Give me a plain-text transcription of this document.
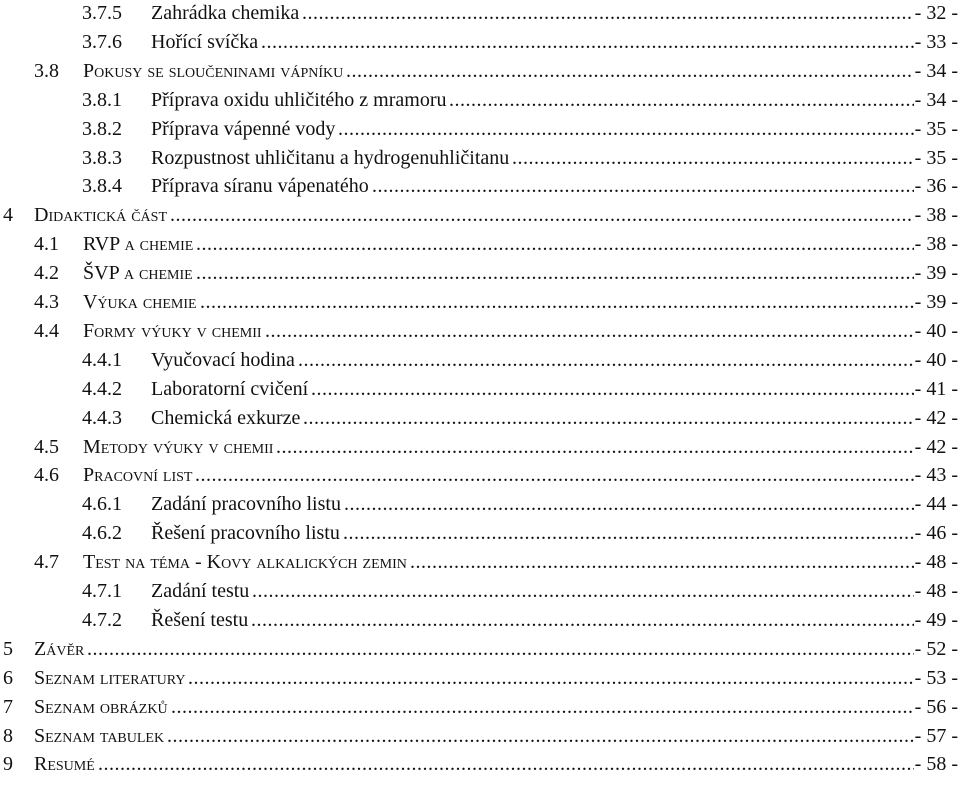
3.7.5 Zahrádka chemika .....	- 32 -
3.7.6 Hořící svíčka .....	- 33 -
3.8 Pokusy se sloučeninami vápníku .....	- 34 -
3.8.1 Příprava oxidu uhličitého z mramoru .....	- 34 -
3.8.2 Příprava vápenné vody .....	- 35 -
3.8.3 Rozpustnost uhličitanu a hydrogenuhličitanu .....	- 35 -
3.8.4 Příprava síranu vápenatého .....	- 36 -
4 Didaktická část .....	- 38 -
4.1 RVP a chemie .....	- 38 -
4.2 ŠVP a chemie .....	- 39 -
4.3 Výuka chemie .....	- 39 -
4.4 Formy výuky v chemii .....	- 40 -
4.4.1 Vyučovací hodina .....	- 40 -
4.4.2 Laboratorní cvičení .....	- 41 -
4.4.3 Chemická exkurze .....	- 42 -
4.5 Metody výuky v chemii .....	- 42 -
4.6 Pracovní list .....	- 43 -
4.6.1 Zadání pracovního listu .....	- 44 -
4.6.2 Řešení pracovního listu .....	- 46 -
4.7 Test na téma - Kovy alkalických zemin .....	- 48 -
4.7.1 Zadání testu .....	- 48 -
4.7.2 Řešení testu .....	- 49 -
5 Závěr .....	- 52 -
6 Seznam literatury .....	- 53 -
7 Seznam obrázků .....	- 56 -
8 Seznam tabulek .....	- 57 -
9 Resumé .....	- 58 -
